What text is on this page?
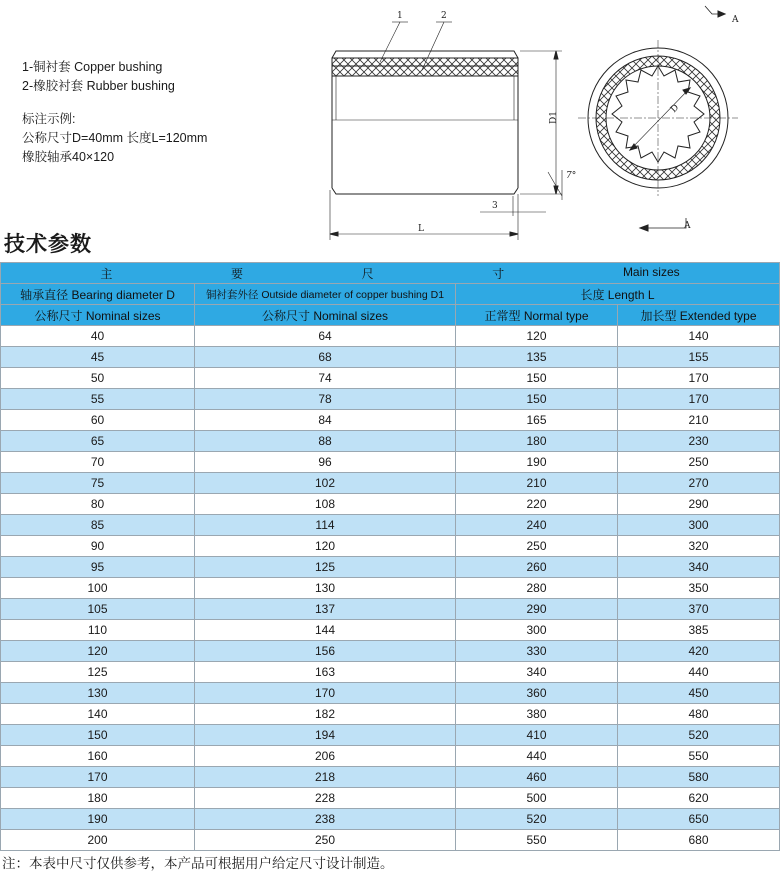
1-铜衬套 Copper bushing
2-橡胶衬套 Rubber bushing
标注示例:
公称尺寸D=40mm 长度L=120mm
橡胶轴承40×120
1	2
D1
L
3
7°
D
A
A
技术参数
主 要 尺 寸 Main sizes			

轴承直径 Bearing diameter D	铜衬套外径 Outside diameter of copper bushing D1	长度 Length L	
公称尺寸 Nominal sizes	公称尺寸 Nominal sizes	正常型 Normal type	加长型 Extended type
40	64	120	140
45	68	135	155
50	74	150	170
55	78	150	170
60	84	165	210
65	88	180	230
70	96	190	250
75	102	210	270
80	108	220	290
85	114	240	300
90	120	250	320
95	125	260	340
100	130	280	350
105	137	290	370
110	144	300	385
120	156	330	420
125	163	340	440
130	170	360	450
140	182	380	480
150	194	410	520
160	206	440	550
170	218	460	580
180	228	500	620
190	238	520	650
200	250	550	680
注：本表中尺寸仅供参考，本产品可根据用户给定尺寸设计制造。
